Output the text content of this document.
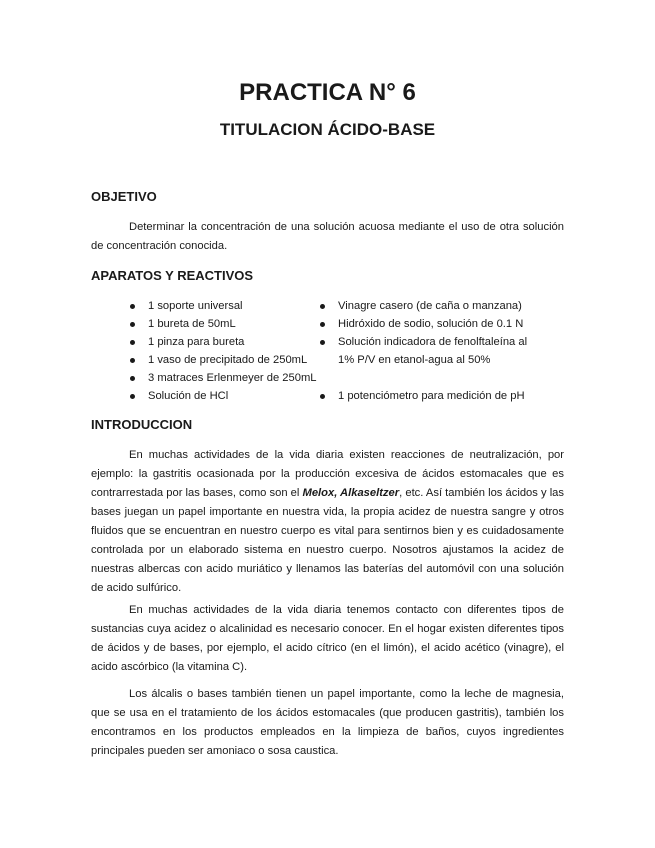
PRACTICA N° 6
TITULACION ÁCIDO-BASE
OBJETIVO

Determinar la concentración de una solución acuosa mediante el uso de otra solución de concentración conocida.

APARATOS Y REACTIVOS
1 soporte universal
1 bureta de 50mL
1 pinza para bureta
1 vaso de precipitado de 250mL
3 matraces Erlenmeyer de 250mL
Solución de HCl
Vinagre casero (de caña o manzana)
Hidróxido de sodio, solución de 0.1 N
Solución indicadora de fenolftaleína al
1% P/V en etanol-agua al 50%
1 potenciómetro para medición de pH
INTRODUCCION

En muchas actividades de la vida diaria existen reacciones de neutralización, por ejemplo: la gastritis ocasionada por la producción excesiva de ácidos estomacales que es contrarrestada por las bases, como son el Melox, Alkaseltzer, etc. Así también los ácidos y las bases juegan un papel importante en nuestra vida, la propia acidez de nuestra sangre y otros fluidos que se encuentran en nuestro cuerpo es vital para sentirnos bien y es cuidadosamente controlada por un elaborado sistema en nuestro cuerpo. Nosotros ajustamos la acidez de nuestras albercas con acido muriático y llenamos las baterías del automóvil con una solución de acido sulfúrico.

En muchas actividades de la vida diaria tenemos contacto con diferentes tipos de sustancias cuya acidez o alcalinidad es necesario conocer. En el hogar existen diferentes tipos de ácidos y de bases, por ejemplo, el acido cítrico (en el limón), el acido acético (vinagre), el acido ascórbico (la vitamina C).

Los álcalis o bases también tienen un papel importante, como la leche de magnesia, que se usa en el tratamiento de los ácidos estomacales (que producen gastritis), también los encontramos en los productos empleados en la limpieza de baños, cuyos ingredientes principales pueden ser amoniaco o sosa caustica.
